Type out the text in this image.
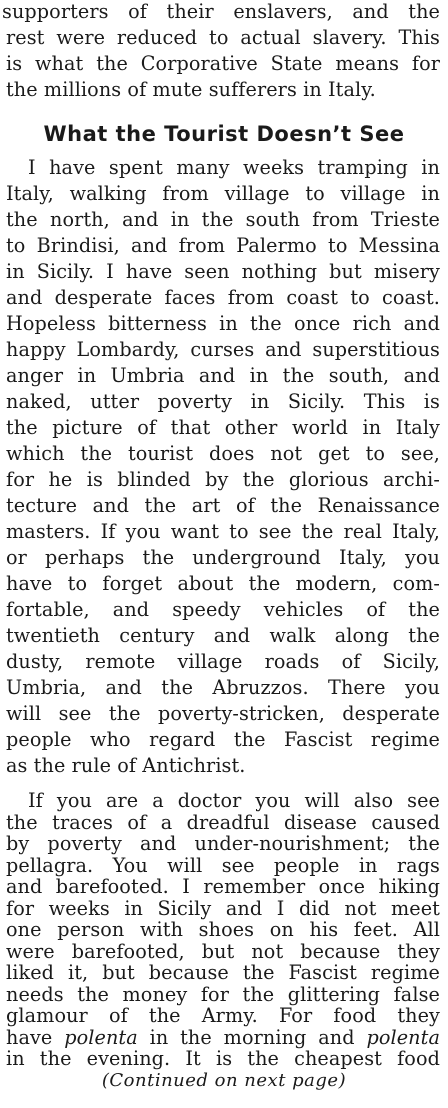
supporters of their enslavers, and the
rest were reduced to actual slavery. This
is what the Corporative State means for
the millions of mute sufferers in Italy.
What the Tourist Doesn’t See
I have spent many weeks tramping in
Italy, walking from village to village in
the north, and in the south from Trieste
to Brindisi, and from Palermo to Messina
in Sicily. I have seen nothing but misery
and desperate faces from coast to coast.
Hopeless bitterness in the once rich and
happy Lombardy, curses and superstitious
anger in Umbria and in the south, and
naked, utter poverty in Sicily. This is
the picture of that other world in Italy
which the tourist does not get to see,
for he is blinded by the glorious archi-
tecture and the art of the Renaissance
masters. If you want to see the real Italy,
or perhaps the underground Italy, you
have to forget about the modern, com-
fortable, and speedy vehicles of the
twentieth century and walk along the
dusty, remote village roads of Sicily,
Umbria, and the Abruzzos. There you
will see the poverty-stricken, desperate
people who regard the Fascist regime
as the rule of Antichrist.
If you are a doctor you will also see
the traces of a dreadful disease caused
by poverty and under-nourishment; the
pellagra. You will see people in rags
and barefooted. I remember once hiking
for weeks in Sicily and I did not meet
one person with shoes on his feet. All
were barefooted, but not because they
liked it, but because the Fascist regime
needs the money for the glittering false
glamour of the Army. For food they
have polenta in the morning and polenta
in the evening. It is the cheapest food
(Continued on next page)
